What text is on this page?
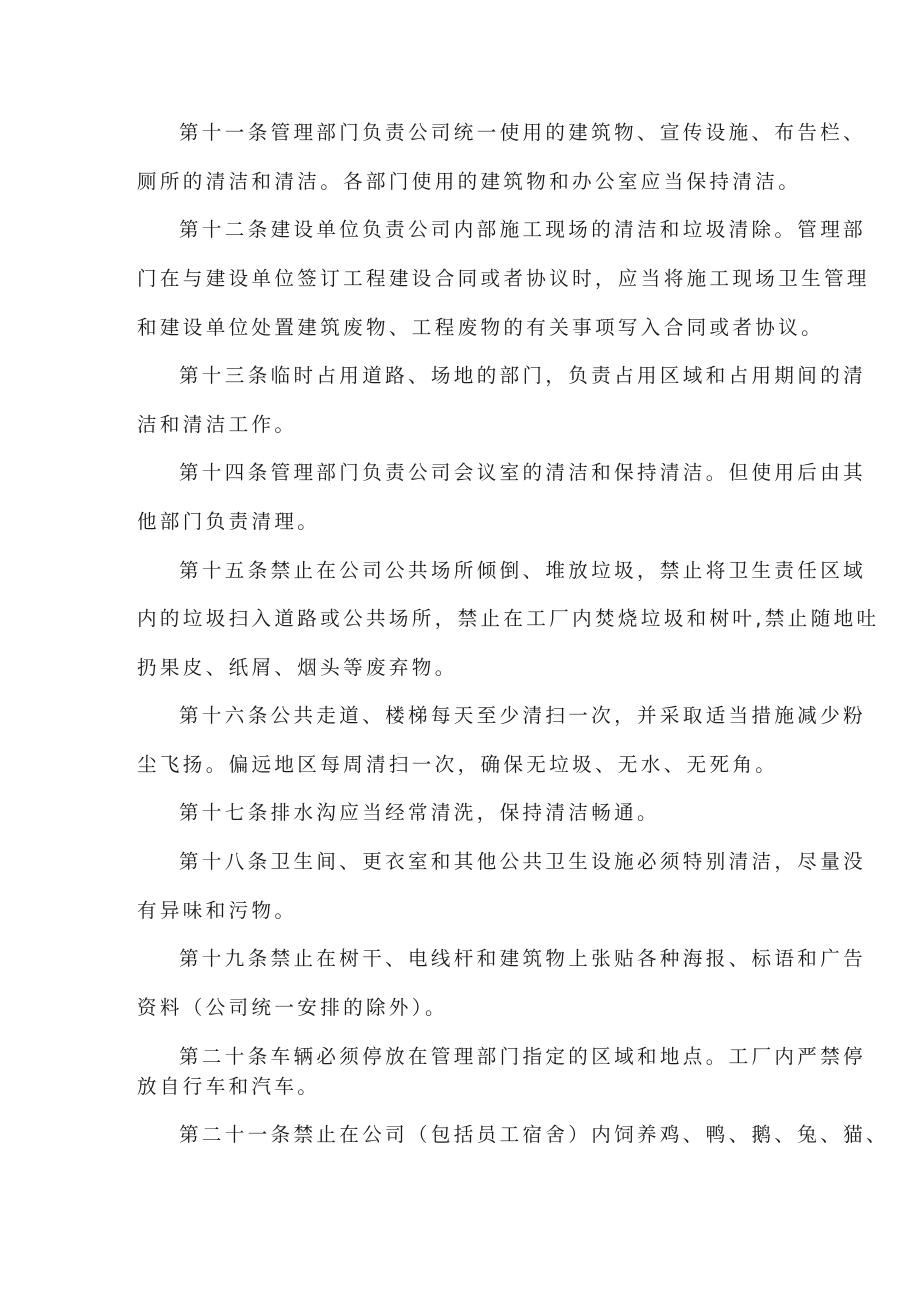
第十一条管理部门负责公司统一使用的建筑物、宣传设施、布告栏、
厕所的清洁和清洁。各部门使用的建筑物和办公室应当保持清洁。
第十二条建设单位负责公司内部施工现场的清洁和垃圾清除。管理部
门在与建设单位签订工程建设合同或者协议时，应当将施工现场卫生管理
和建设单位处置建筑废物、工程废物的有关事项写入合同或者协议。
第十三条临时占用道路、场地的部门，负责占用区域和占用期间的清
洁和清洁工作。
第十四条管理部门负责公司会议室的清洁和保持清洁。但使用后由其
他部门负责清理。
第十五条禁止在公司公共场所倾倒、堆放垃圾，禁止将卫生责任区域
内的垃圾扫入道路或公共场所，禁止在工厂内焚烧垃圾和树叶,禁止随地吐
扔果皮、纸屑、烟头等废弃物。
第十六条公共走道、楼梯每天至少清扫一次，并采取适当措施减少粉
尘飞扬。偏远地区每周清扫一次，确保无垃圾、无水、无死角。
第十七条排水沟应当经常清洗，保持清洁畅通。
第十八条卫生间、更衣室和其他公共卫生设施必须特别清洁，尽量没
有异味和污物。
第十九条禁止在树干、电线杆和建筑物上张贴各种海报、标语和广告
资料（公司统一安排的除外）。
第二十条车辆必须停放在管理部门指定的区域和地点。工厂内严禁停
放自行车和汽车。
第二十一条禁止在公司（包括员工宿舍）内饲养鸡、鸭、鹅、兔、猫、
